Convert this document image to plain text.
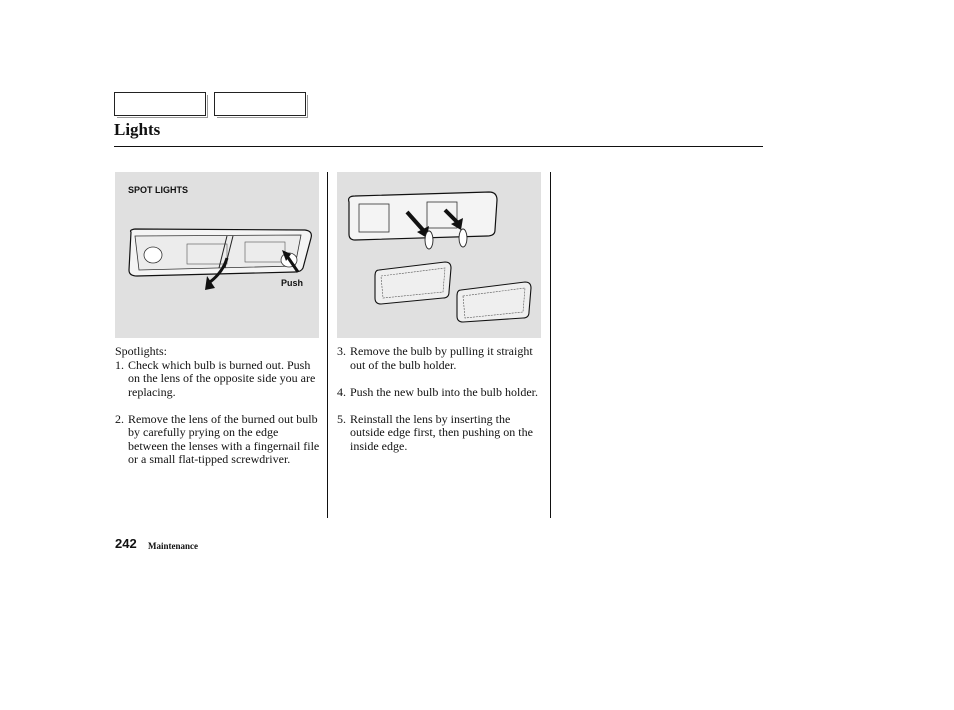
Lights
SPOT LIGHTS
Push

Spotlights:

1. Check which bulb is burned out. Push on the lens of the opposite side you are replacing.
2. Remove the lens of the burned out bulb by carefully prying on the edge between the lenses with a fingernail file or a small flat-tipped screwdriver.
3. Remove the bulb by pulling it straight out of the bulb holder.
4. Push the new bulb into the bulb holder.
5. Reinstall the lens by inserting the outside edge first, then pushing on the inside edge.
242 Maintenance
